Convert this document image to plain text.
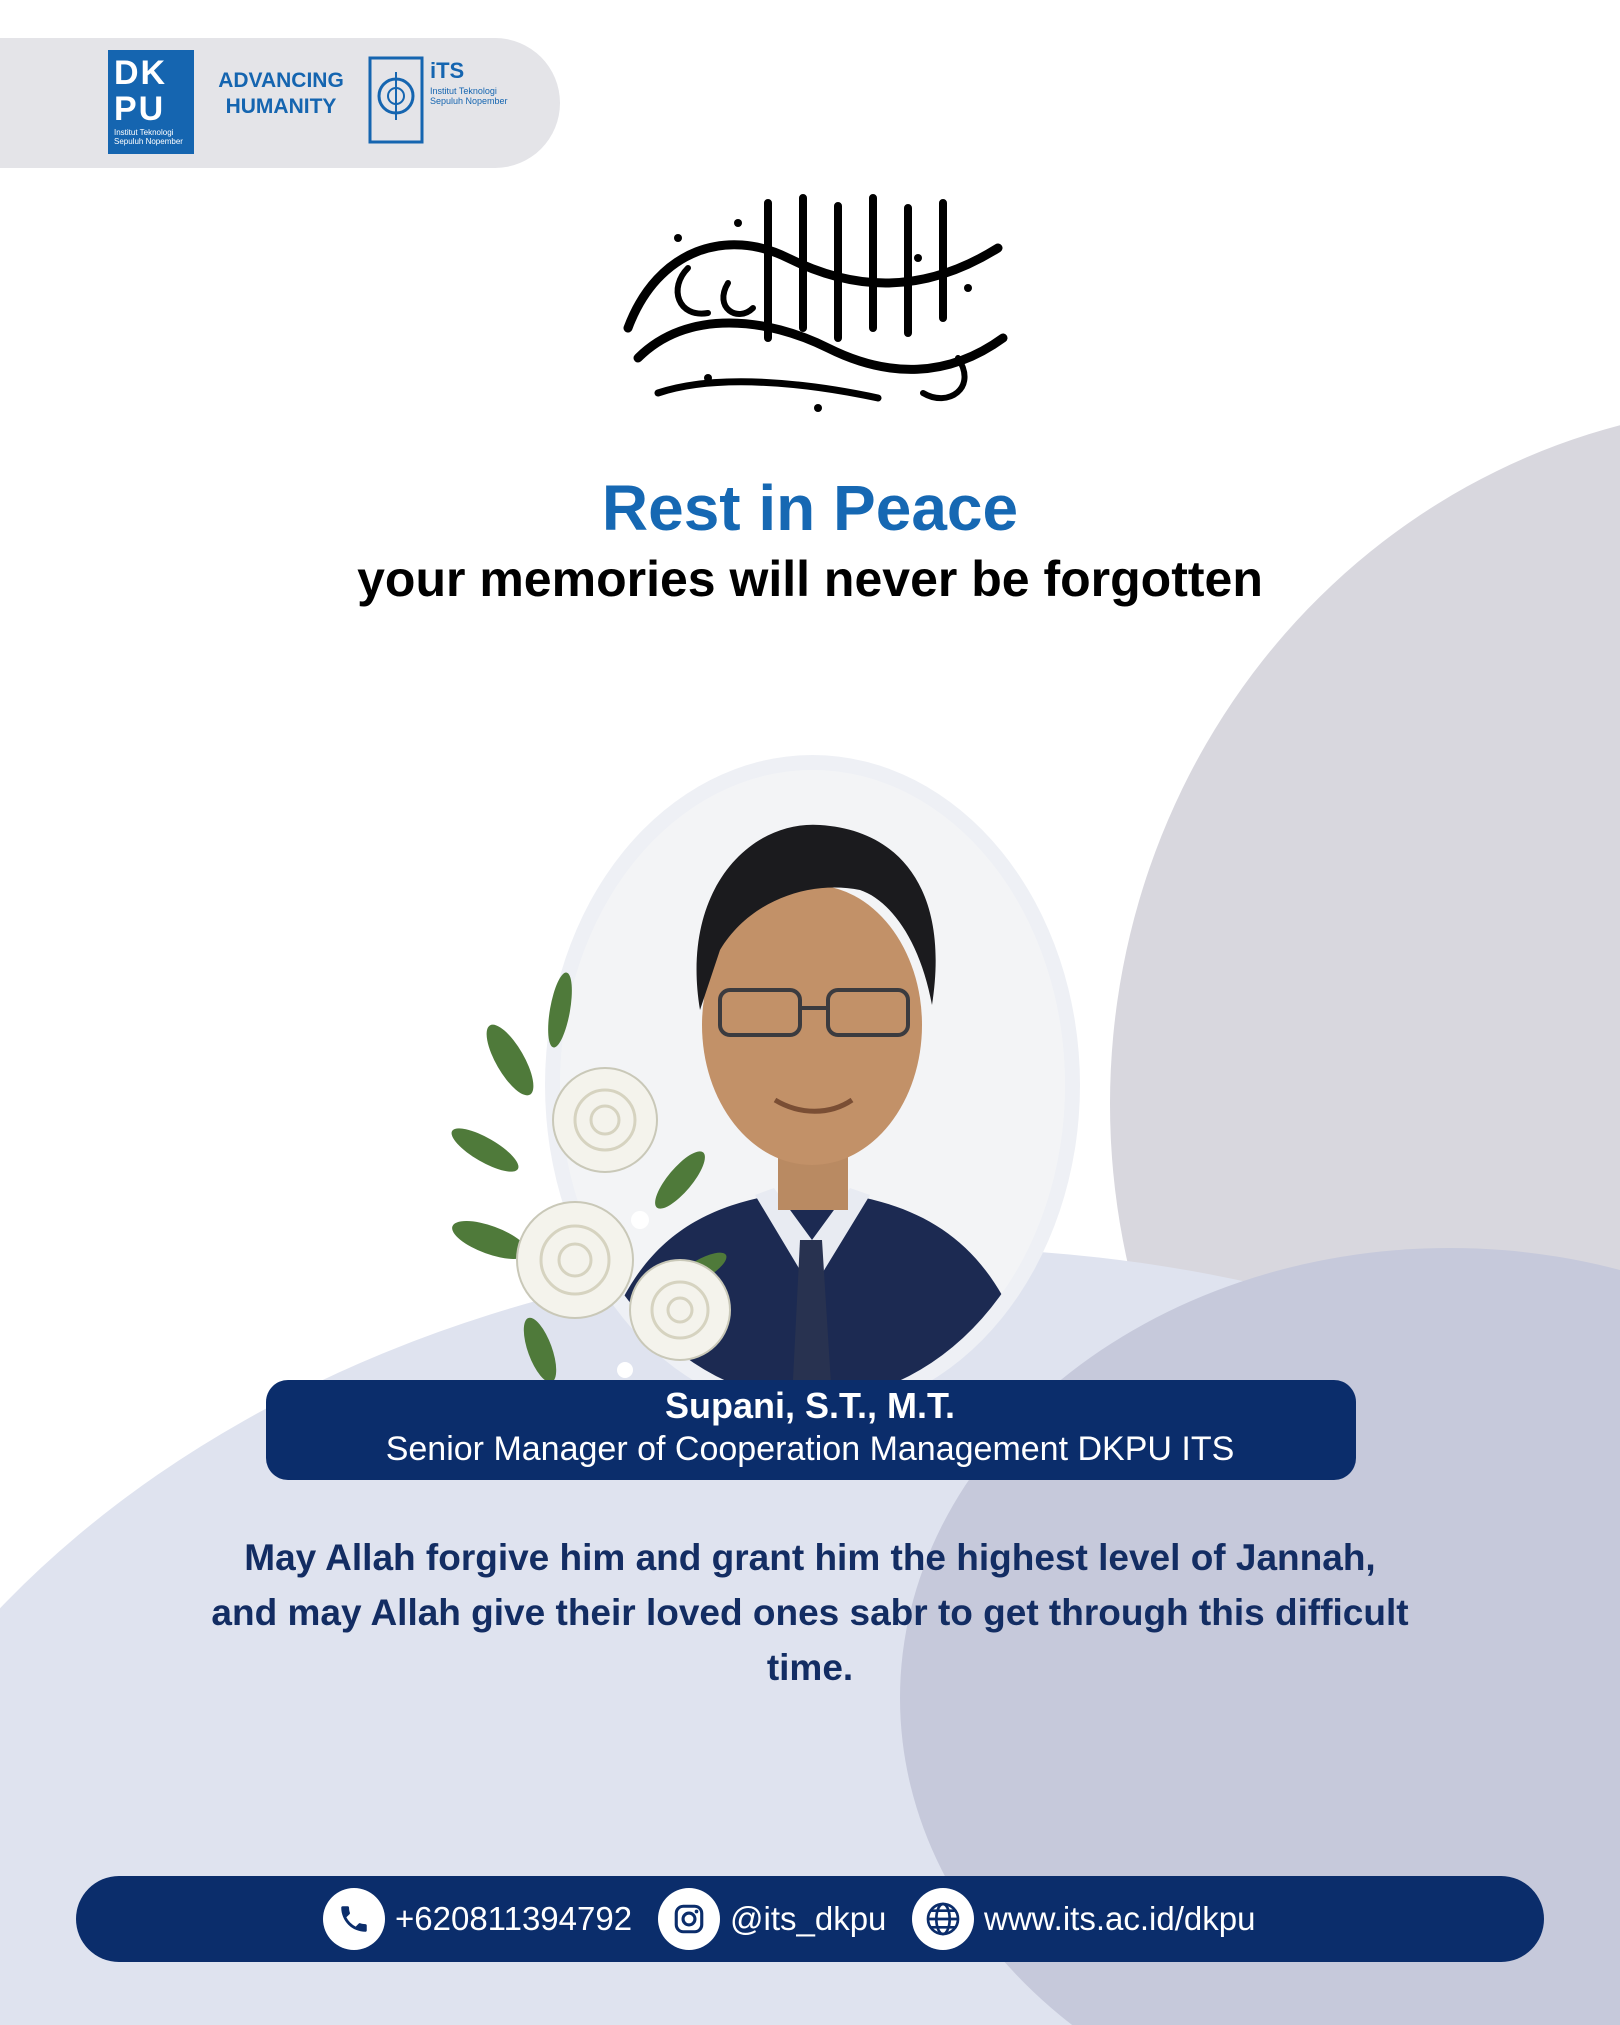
DK
PU
Institut Teknologi Sepuluh Nopember
ADVANCING HUMANITY
iTS
Institut Teknologi Sepuluh Nopember
Rest in Peace
your memories will never be forgotten
Supani, S.T., M.T.
Senior Manager of Cooperation Management DKPU ITS
May Allah forgive him and grant him the highest level of Jannah, and may Allah give their loved ones sabr to get through this difficult time.
+620811394792	@its_dkpu	www.its.ac.id/dkpu
